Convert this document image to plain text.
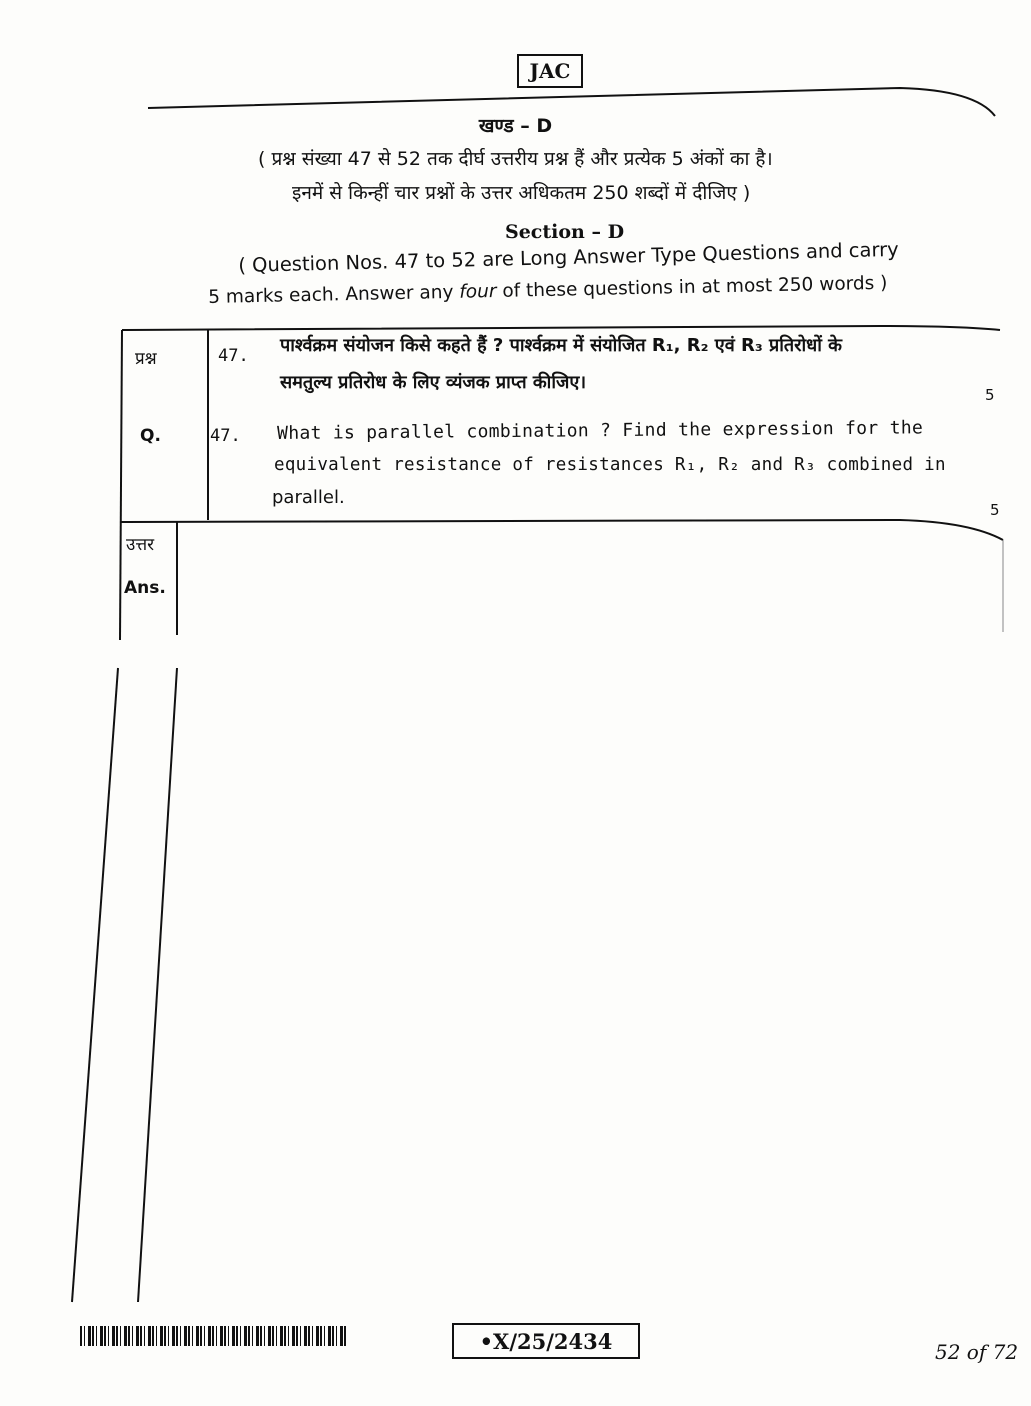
JAC
खण्ड – D
( प्रश्न संख्या 47 से 52 तक दीर्घ उत्तरीय प्रश्न हैं और प्रत्येक 5 अंकों का है।
इनमें से किन्हीं चार प्रश्नों के उत्तर अधिकतम 250 शब्दों में दीजिए )
Section – D
( Question Nos. 47 to 52 are Long Answer Type Questions and carry
5 marks each. Answer any four of these questions in at most 250 words )
प्रश्न	47. पार्श्वक्रम संयोजन किसे कहते हैं ? पार्श्वक्रम में संयोजित R₁, R₂ एवं R₃ प्रतिरोधों के
समतुल्य प्रतिरोध के लिए व्यंजक प्राप्त कीजिए।
5
Q.	47. What is parallel combination ? Find the expression for the
equivalent resistance of resistances R₁, R₂ and R₃ combined in
parallel.
5
उत्तर
Ans.
•X/25/2434	52 of 72
